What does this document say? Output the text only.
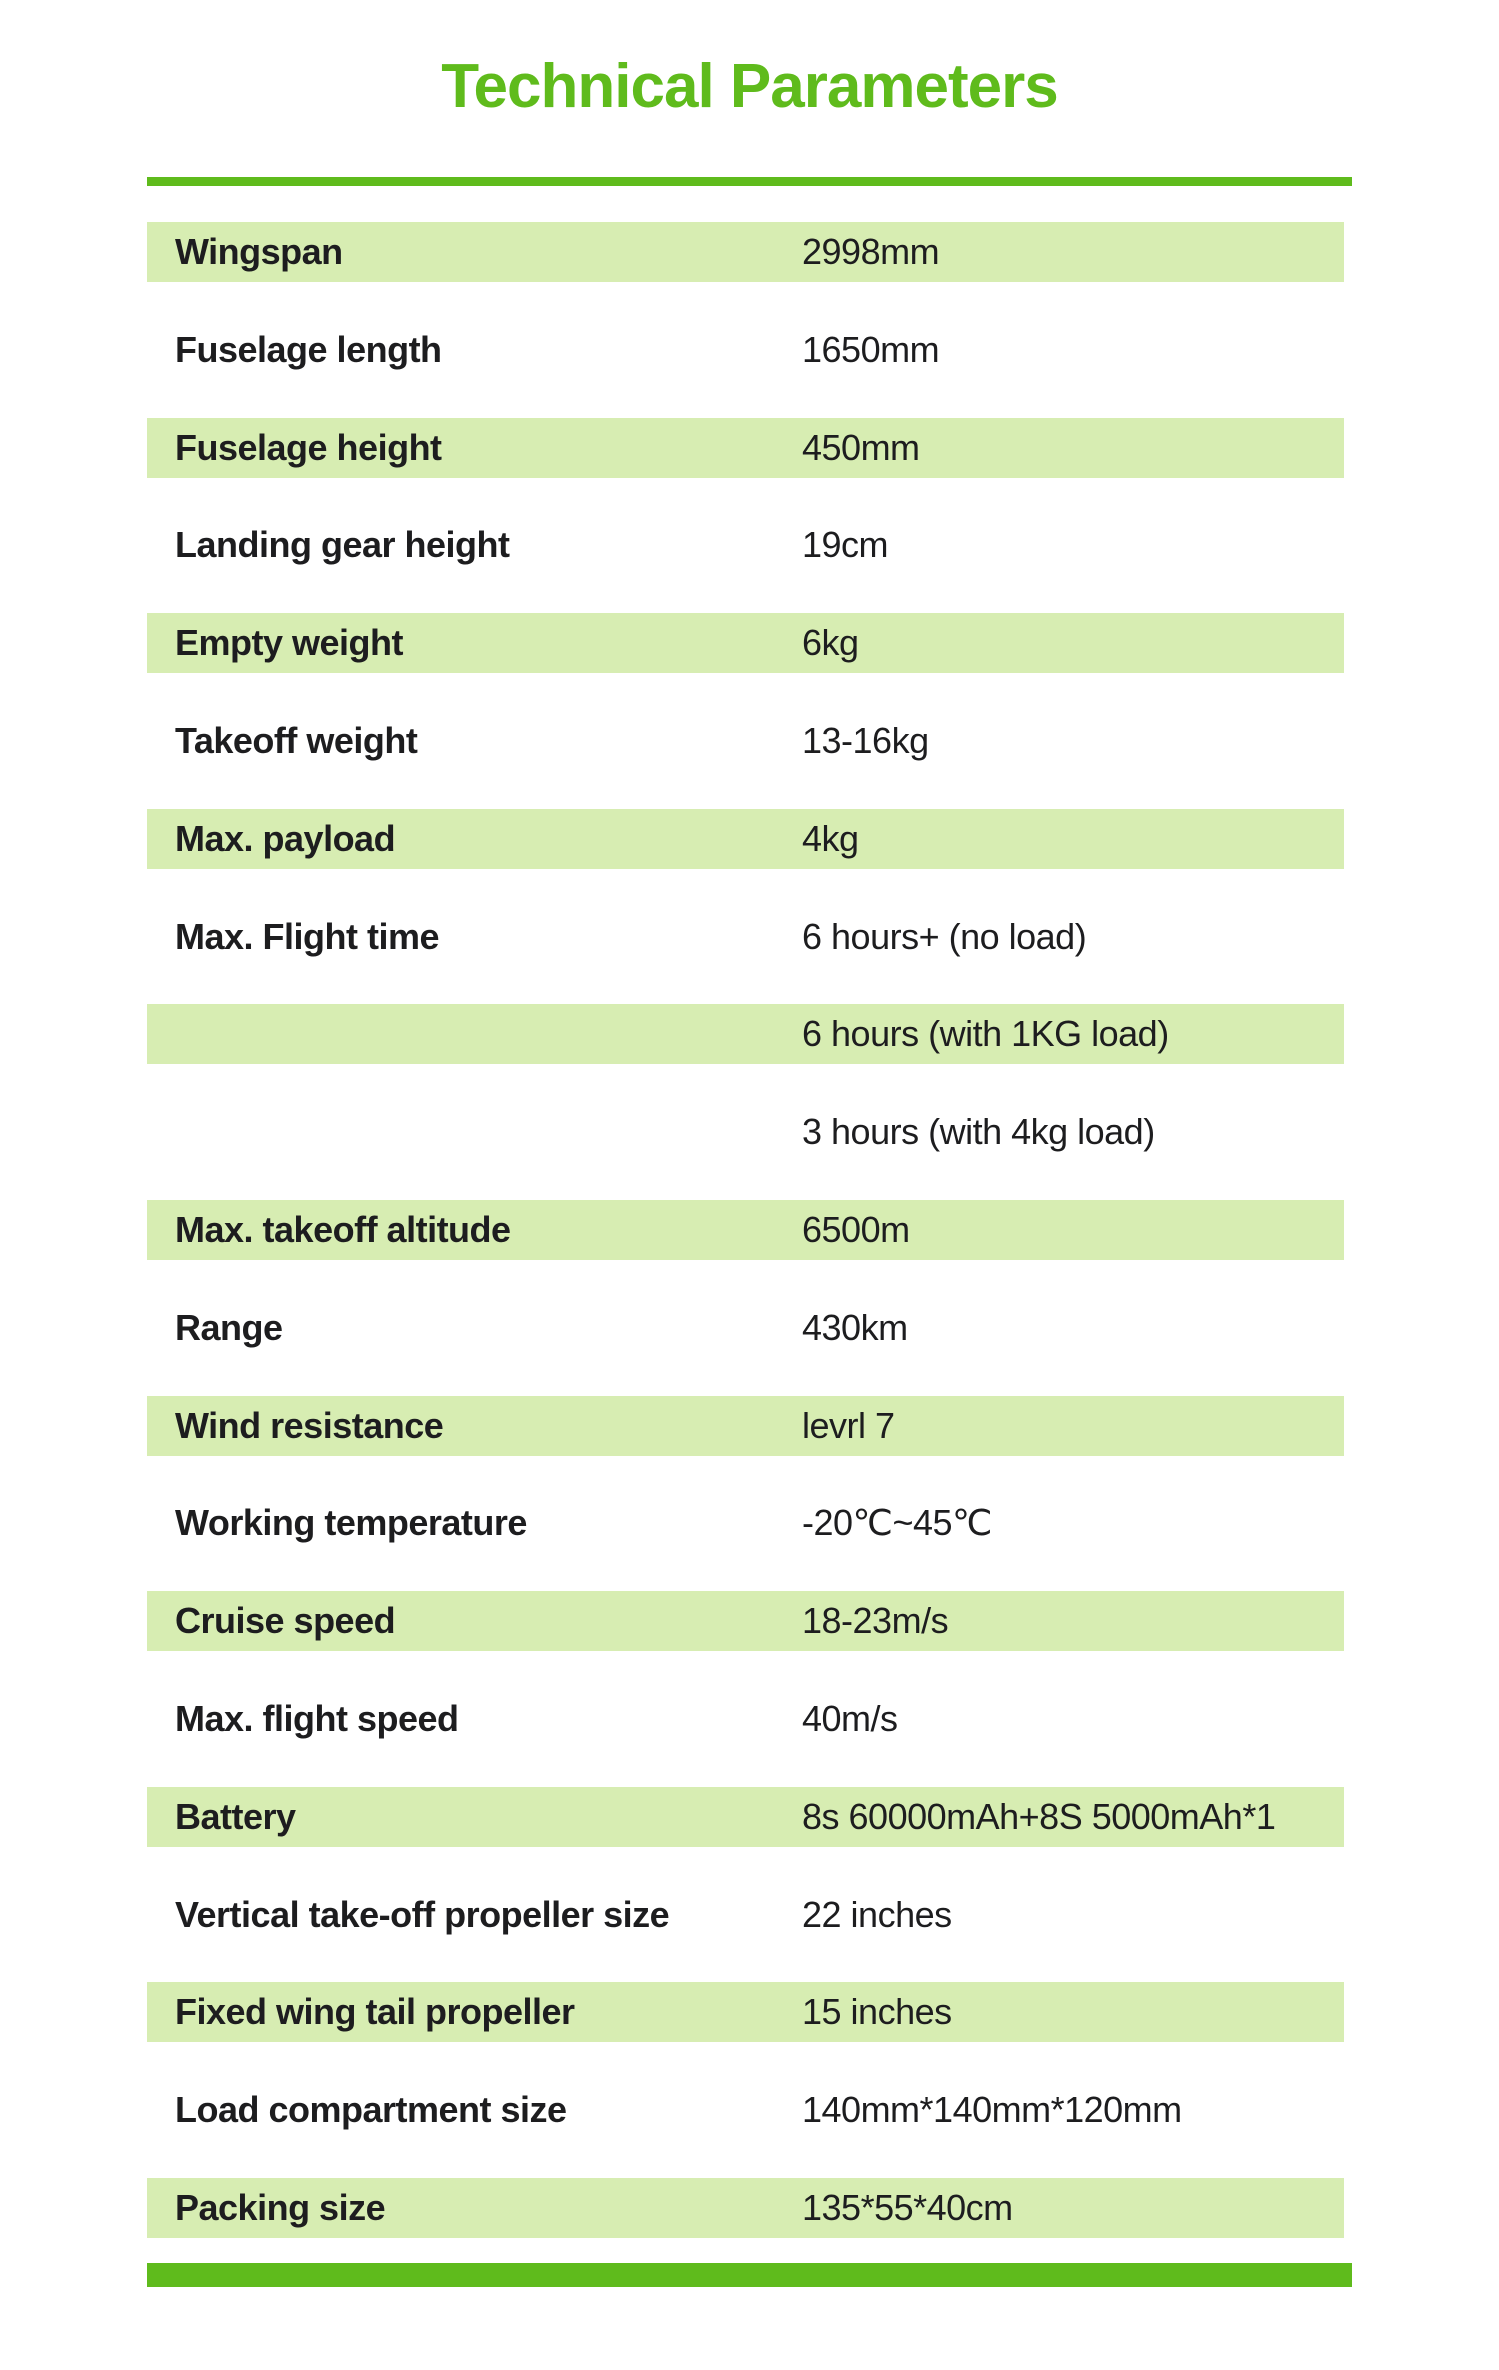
Technical Parameters
Wingspan	2998mm
Fuselage length	1650mm
Fuselage height	450mm
Landing gear height	19cm
Empty weight	6kg
Takeoff weight	13-16kg
Max. payload	4kg
Max. Flight time	6 hours+ (no load)
6 hours (with 1KG load)
3 hours (with 4kg load)
Max. takeoff altitude	6500m
Range	430km
Wind resistance	levrl 7
Working temperature	-20℃~45℃
Cruise speed	18-23m/s
Max. flight speed	40m/s
Battery	8s 60000mAh+8S 5000mAh*1
Vertical take-off propeller size	22 inches
Fixed wing tail propeller	15 inches
Load compartment size	140mm*140mm*120mm
Packing size	135*55*40cm
